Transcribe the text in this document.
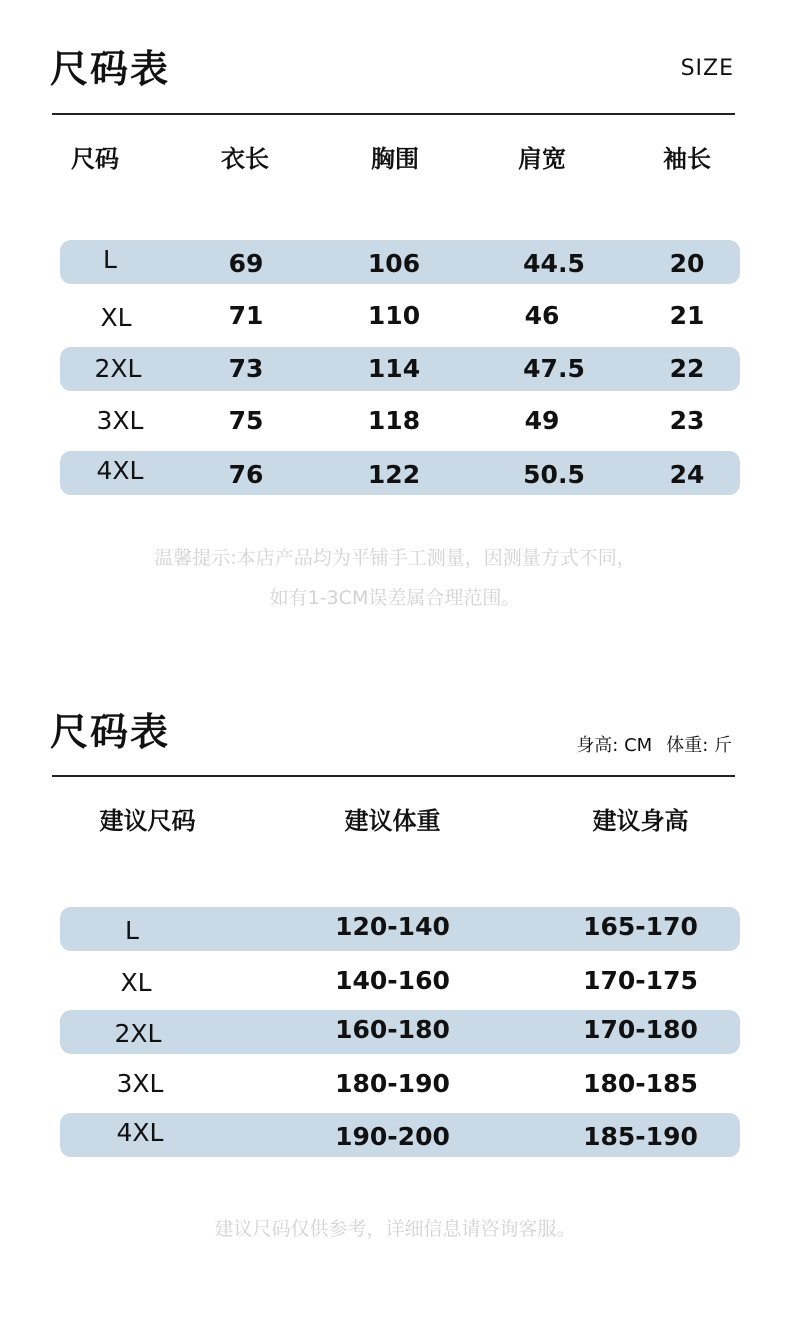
尺码表	SIZE
尺码	衣长	胸围	肩宽	袖长
L	69	106	44.5	20
XL	71	110	46	21
2XL	73	114	47.5	22
3XL	75	118	49	23
4XL	76	122	50.5	24
温馨提示:本店产品均为平铺手工测量，因测量方式不同，
如有1-3CM误差属合理范围。
尺码表	身高: CM 体重: 斤
建议尺码	建议体重	建议身高
L	120-140	165-170
XL	140-160	170-175
2XL	160-180	170-180
3XL	180-190	180-185
4XL	190-200	185-190
建议尺码仅供参考，详细信息请咨询客服。
